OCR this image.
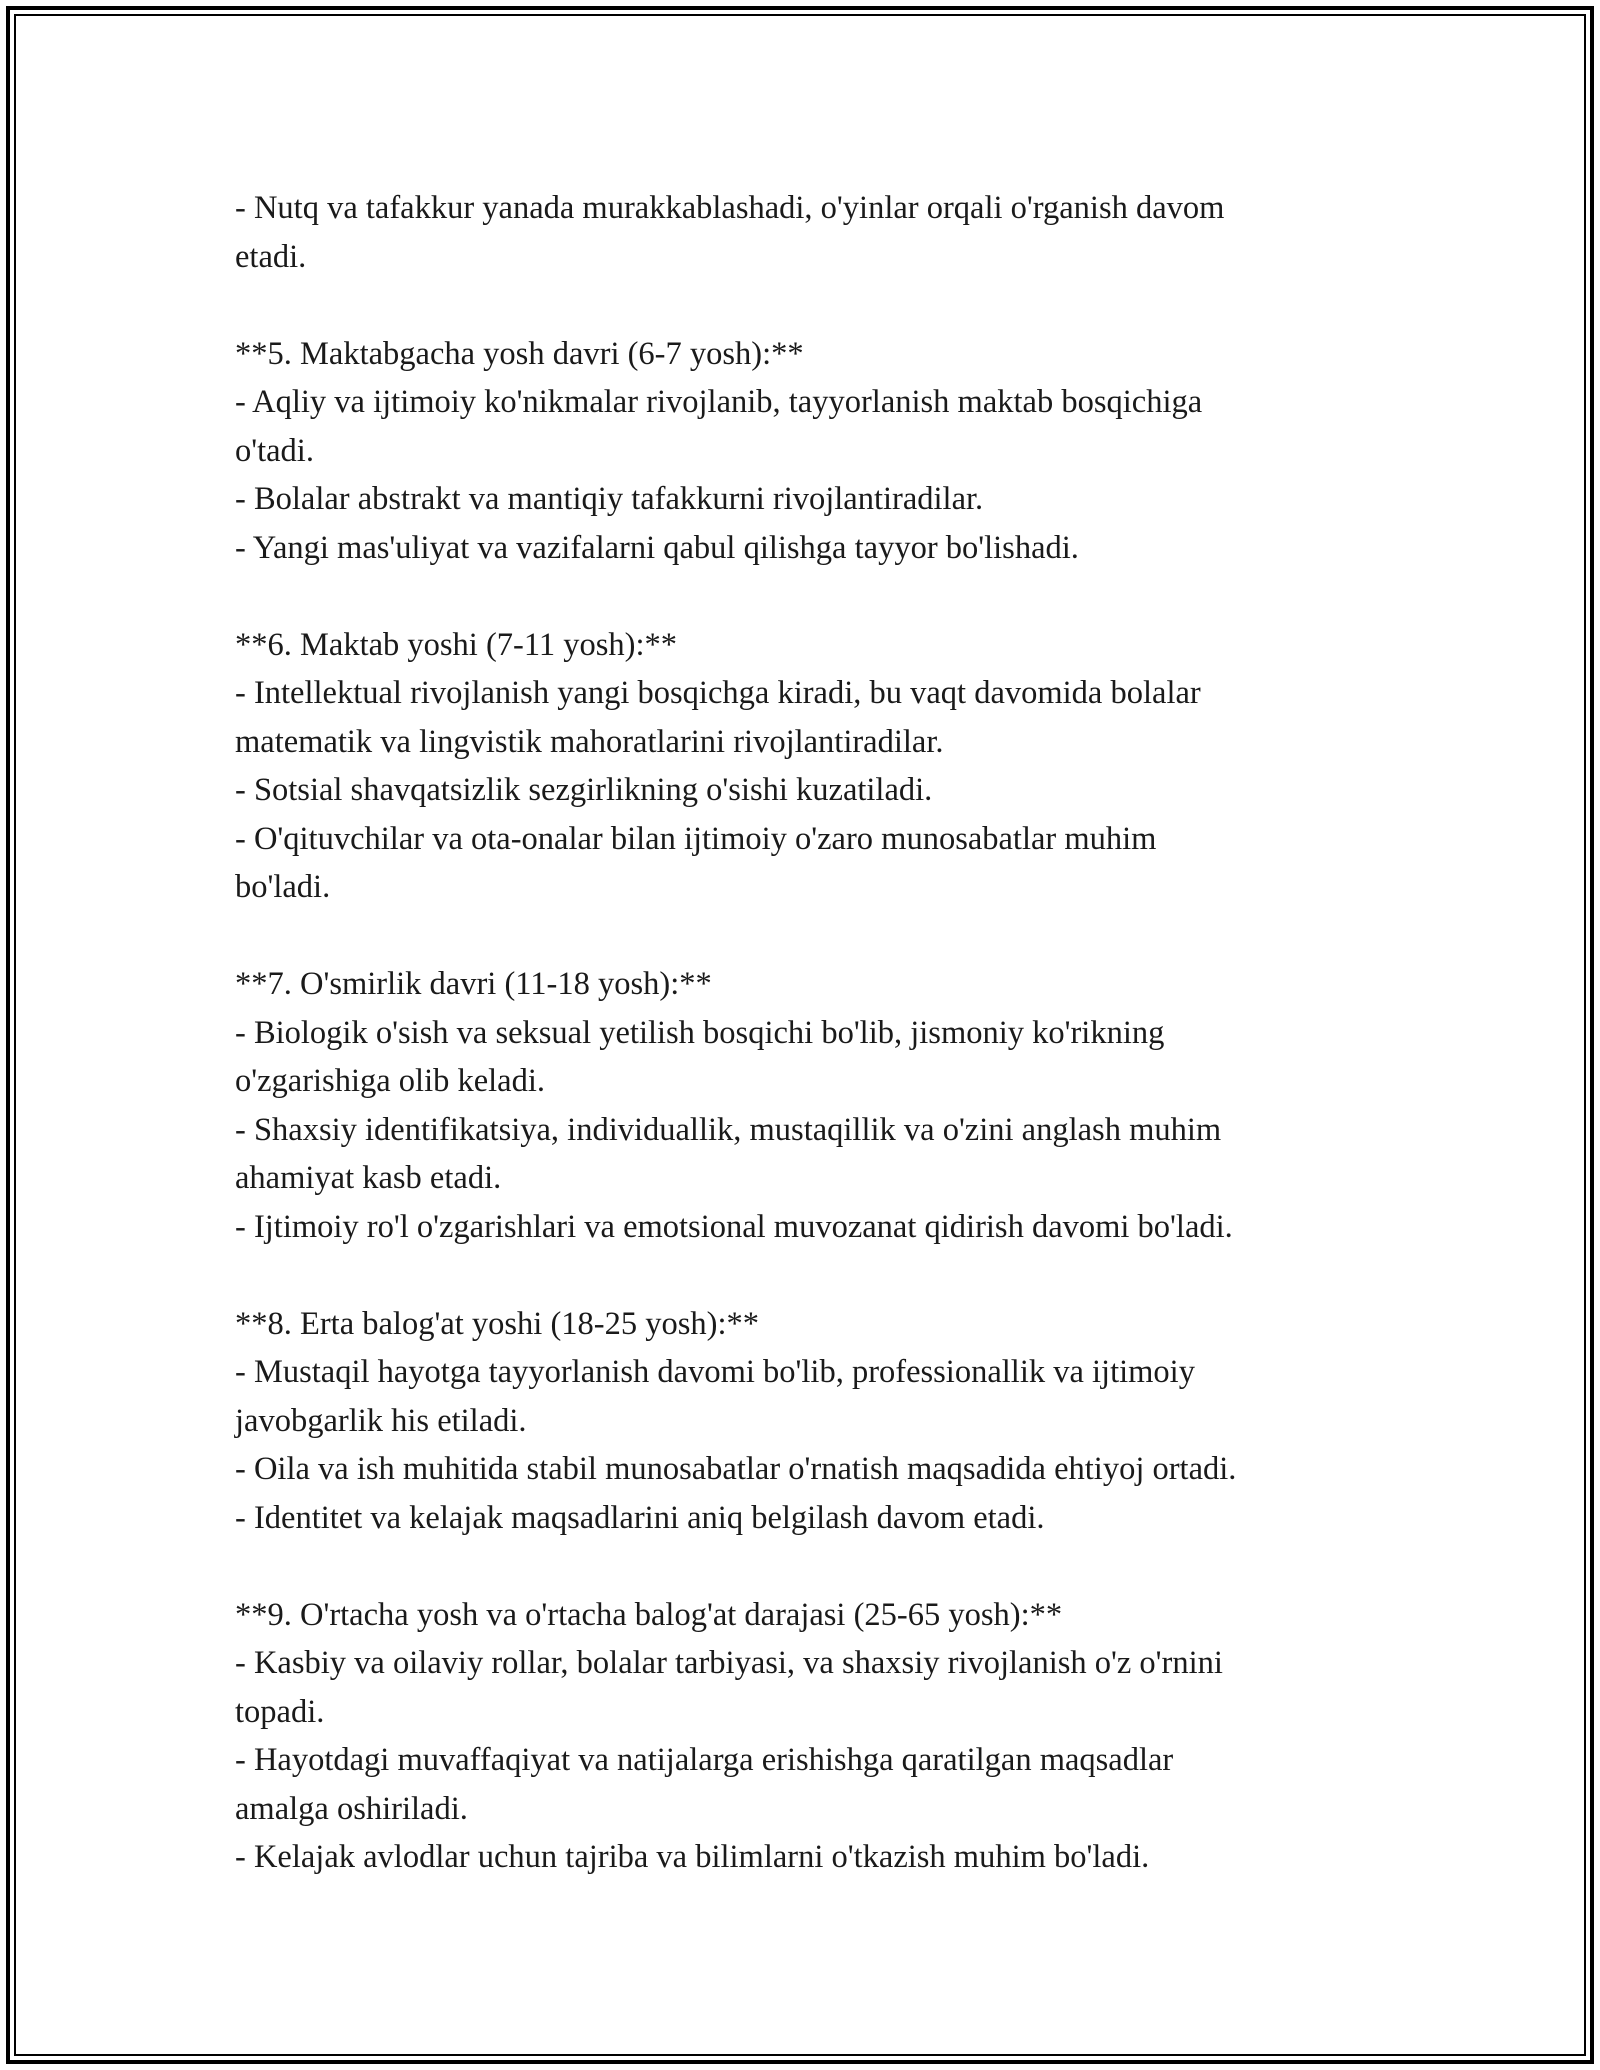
- Nutq va tafakkur yanada murakkablashadi, o'yinlar orqali o'rganish davom
etadi.
**5. Maktabgacha yosh davri (6-7 yosh):**
- Aqliy va ijtimoiy ko'nikmalar rivojlanib, tayyorlanish maktab bosqichiga
o'tadi.
- Bolalar abstrakt va mantiqiy tafakkurni rivojlantiradilar.
- Yangi mas'uliyat va vazifalarni qabul qilishga tayyor bo'lishadi.
**6. Maktab yoshi (7-11 yosh):**
- Intellektual rivojlanish yangi bosqichga kiradi, bu vaqt davomida bolalar
matematik va lingvistik mahoratlarini rivojlantiradilar.
- Sotsial shavqatsizlik sezgirlikning o'sishi kuzatiladi.
- O'qituvchilar va ota-onalar bilan ijtimoiy o'zaro munosabatlar muhim
bo'ladi.
**7. O'smirlik davri (11-18 yosh):**
- Biologik o'sish va seksual yetilish bosqichi bo'lib, jismoniy ko'rikning
o'zgarishiga olib keladi.
- Shaxsiy identifikatsiya, individuallik, mustaqillik va o'zini anglash muhim
ahamiyat kasb etadi.
- Ijtimoiy ro'l o'zgarishlari va emotsional muvozanat qidirish davomi bo'ladi.
**8. Erta balog'at yoshi (18-25 yosh):**
- Mustaqil hayotga tayyorlanish davomi bo'lib, professionallik va ijtimoiy
javobgarlik his etiladi.
- Oila va ish muhitida stabil munosabatlar o'rnatish maqsadida ehtiyoj ortadi.
- Identitet va kelajak maqsadlarini aniq belgilash davom etadi.
**9. O'rtacha yosh va o'rtacha balog'at darajasi (25-65 yosh):**
- Kasbiy va oilaviy rollar, bolalar tarbiyasi, va shaxsiy rivojlanish o'z o'rnini
topadi.
- Hayotdagi muvaffaqiyat va natijalarga erishishga qaratilgan maqsadlar
amalga oshiriladi.
- Kelajak avlodlar uchun tajriba va bilimlarni o'tkazish muhim bo'ladi.
